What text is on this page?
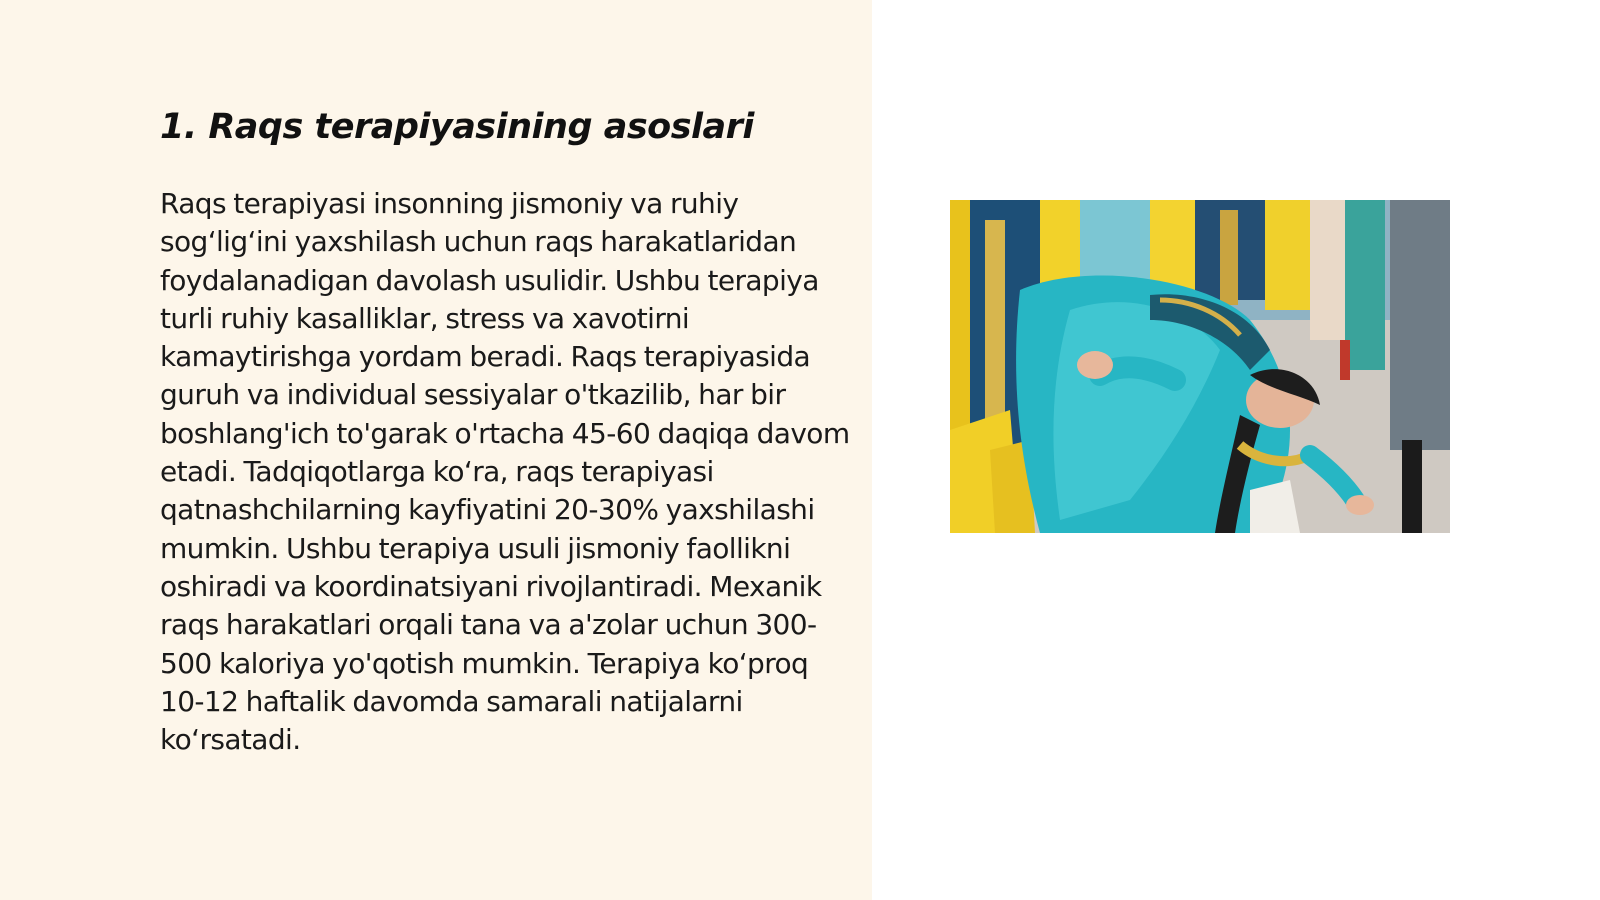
1. Raqs terapiyasining asoslari

Raqs terapiyasi insonning jismoniy va ruhiy sog‘lig‘ini yaxshilash uchun raqs harakatlaridan foydalanadigan davolash usulidir. Ushbu terapiya turli ruhiy kasalliklar, stress va xavotirni kamaytirishga yordam beradi. Raqs terapiyasida guruh va individual sessiyalar o'tkazilib, har bir boshlang'ich to'garak o'rtacha 45-60 daqiqa davom etadi. Tadqiqotlarga ko‘ra, raqs terapiyasi qatnashchilarning kayfiyatini 20-30% yaxshilashi mumkin. Ushbu terapiya usuli jismoniy faollikni oshiradi va koordinatsiyani rivojlantiradi. Mexanik raqs harakatlari orqali tana va a'zolar uchun 300-500 kaloriya yo'qotish mumkin. Terapiya ko‘proq 10-12 haftalik davomda samarali natijalarni ko‘rsatadi.
